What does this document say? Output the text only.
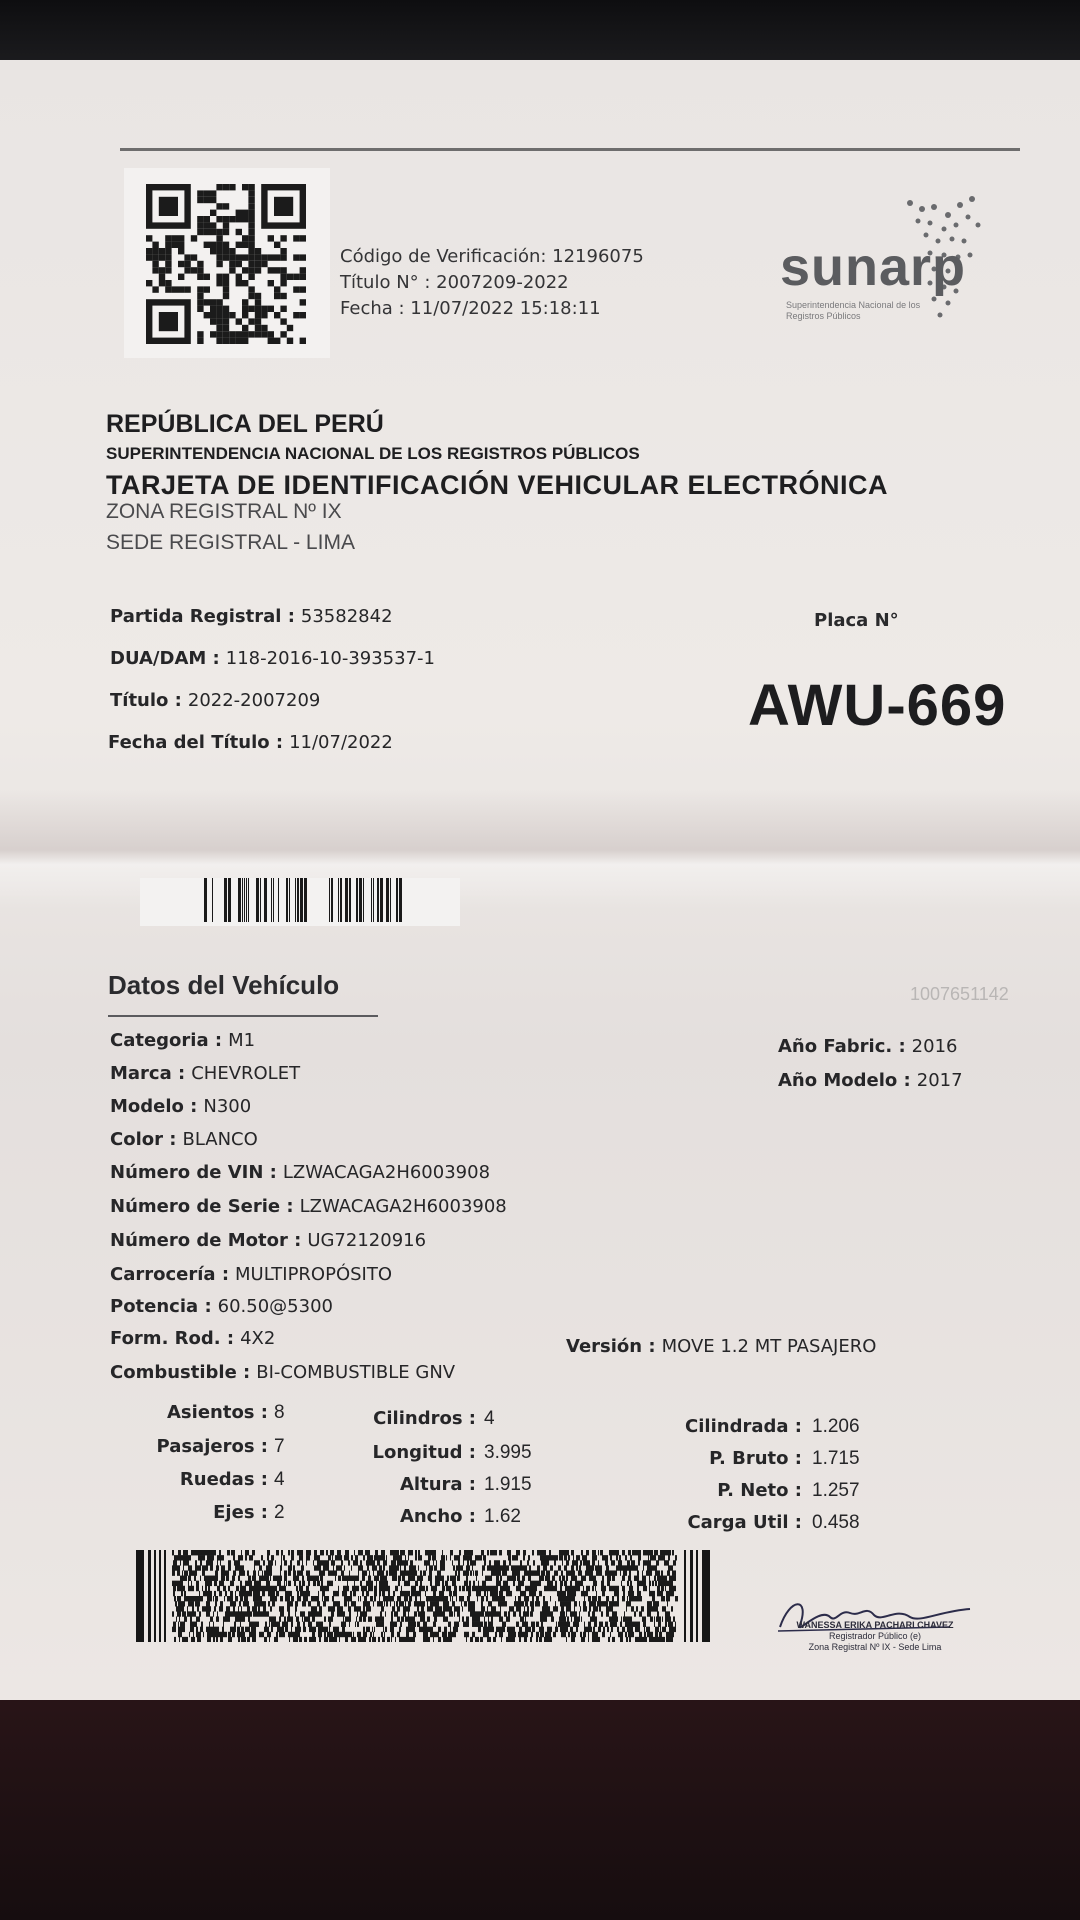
Código de Verificación: 12196075
Título N° : 2007209-2022
Fecha : 11/07/2022 15:18:11
sunarp
Superintendencia Nacional de los Registros Públicos
REPÚBLICA DEL PERÚ
SUPERINTENDENCIA NACIONAL DE LOS REGISTROS PÚBLICOS
TARJETA DE IDENTIFICACIÓN VEHICULAR ELECTRÓNICA
ZONA REGISTRAL Nº IX
SEDE REGISTRAL - LIMA
Partida Registral : 53582842
DUA/DAM : 118-2016-10-393537-1
Título : 2022-2007209
Fecha del Título : 11/07/2022
Placa N°
AWU-669
Datos del Vehículo	1007651142
Categoria : M1
Marca : CHEVROLET
Modelo : N300
Color : BLANCO
Número de VIN : LZWACAGA2H6003908
Número de Serie : LZWACAGA2H6003908
Número de Motor : UG72120916
Carrocería : MULTIPROPÓSITO
Potencia : 60.50@5300
Form. Rod. : 4X2
Combustible : BI-COMBUSTIBLE GNV
Año Fabric. : 2016
Año Modelo : 2017
Versión : MOVE 1.2 MT PASAJERO
Asientos : 8
Pasajeros : 7
Ruedas : 4
Ejes : 2
Cilindros : 4
Longitud : 3.995
Altura : 1.915
Ancho : 1.62
Cilindrada : 1.206
P. Bruto : 1.715
P. Neto : 1.257
Carga Util : 0.458
WANESSA ERIKA PACHARI CHAVEZ
Registrador Público (e)
Zona Registral Nº IX - Sede Lima
